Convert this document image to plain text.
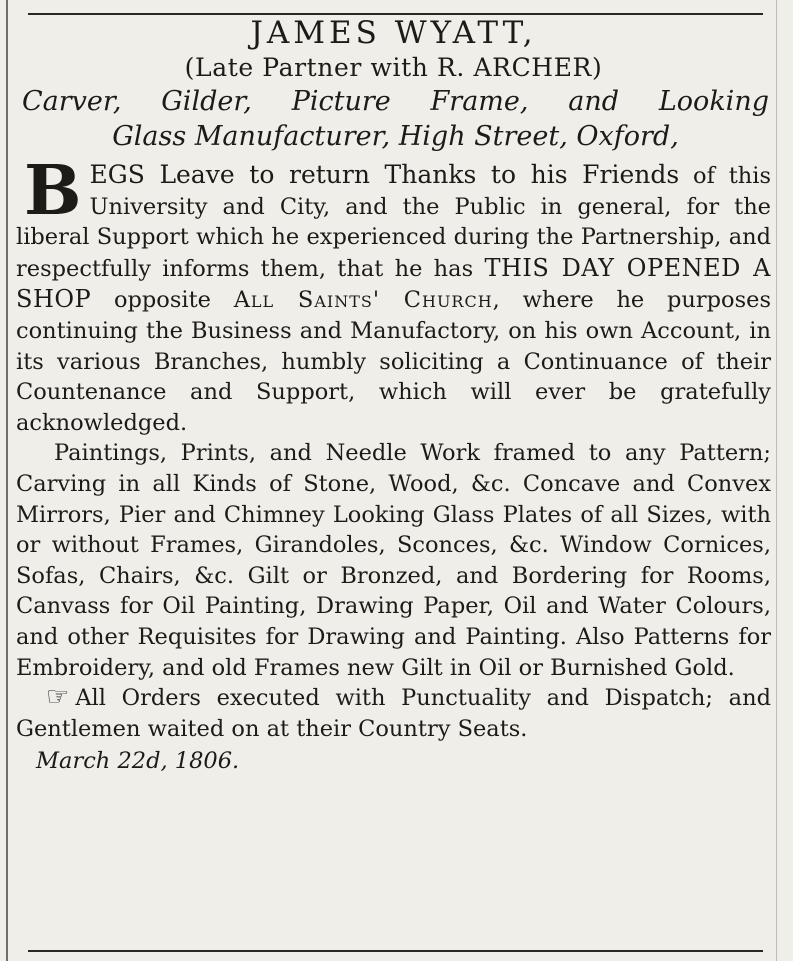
JAMES WYATT,
(Late Partner with R. ARCHER)
Carver, Gilder, Picture Frame, and Looking
Glass Manufacturer, High Street, Oxford,

BEGS Leave to return Thanks to his Friends of this University and City, and the Public in general, for the liberal Support which he experienced during the Partnership, and respectfully informs them, that he has THIS DAY OPENED A SHOP opposite All Saints' Church, where he purposes continuing the Business and Manufactory, on his own Account, in its various Branches, humbly soliciting a Continuance of their Countenance and Support, which will ever be gratefully acknowledged.

Paintings, Prints, and Needle Work framed to any Pattern; Carving in all Kinds of Stone, Wood, &c. Concave and Convex Mirrors, Pier and Chimney Looking Glass Plates of all Sizes, with or without Frames, Girandoles, Sconces, &c. Window Cornices, Sofas, Chairs, &c. Gilt or Bronzed, and Bordering for Rooms, Canvass for Oil Painting, Drawing Paper, Oil and Water Colours, and other Requisites for Drawing and Painting. Also Patterns for Embroidery, and old Frames new Gilt in Oil or Burnished Gold.

☞ All Orders executed with Punctuality and Dispatch; and Gentlemen waited on at their Country Seats.

March 22d, 1806.
